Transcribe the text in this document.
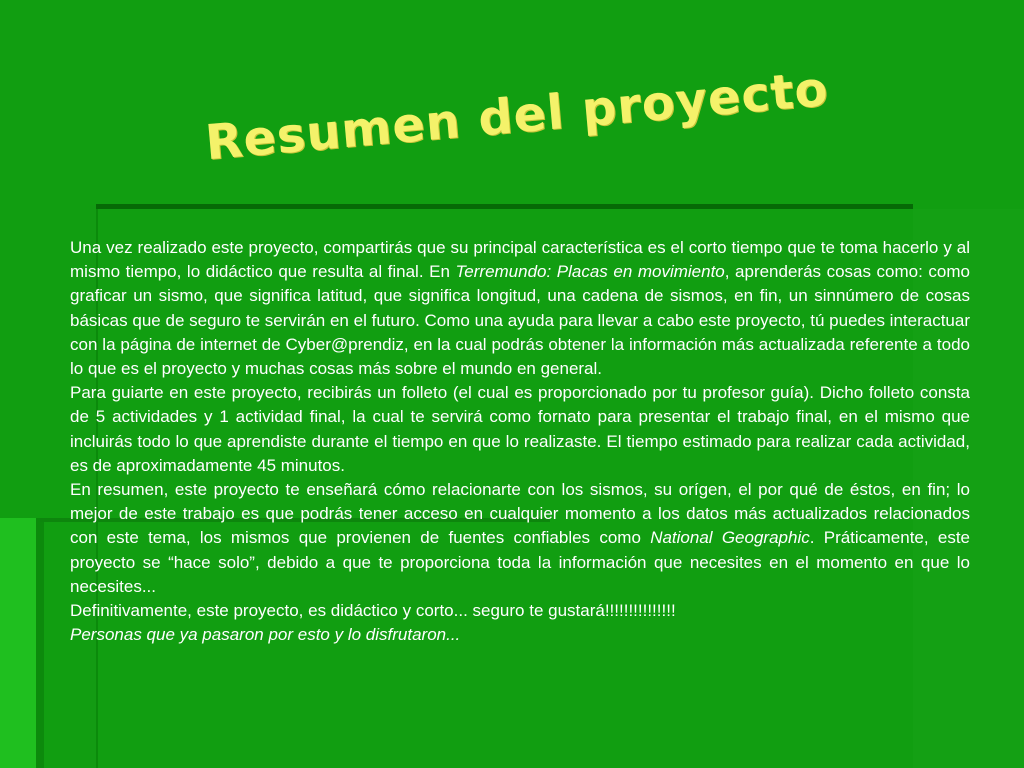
Resumen del proyecto

Una vez realizado este proyecto, compartirás que su principal característica es el corto tiempo que te toma hacerlo y al mismo tiempo, lo didáctico que resulta al final. En Terremundo: Placas en movimiento, aprenderás cosas como: como graficar un sismo, que significa latitud, que significa longitud, una cadena de sismos, en fin, un sinnúmero de cosas básicas que de seguro te servirán en el futuro. Como una ayuda para llevar a cabo este proyecto, tú puedes interactuar con la página de internet de Cyber@prendiz, en la cual podrás obtener la información más actualizada referente a todo lo que es el proyecto y muchas cosas más sobre el mundo en general.

Para guiarte en este proyecto, recibirás un folleto (el cual es proporcionado por tu profesor guía). Dicho folleto consta de 5 actividades y 1 actividad final, la cual te servirá como fornato para presentar el trabajo final, en el mismo que incluirás todo lo que aprendiste durante el tiempo en que lo realizaste. El tiempo estimado para realizar cada actividad, es de aproximadamente 45 minutos.

En resumen, este proyecto te enseñará cómo relacionarte con los sismos, su orígen, el por qué de éstos, en fin; lo mejor de este trabajo es que podrás tener acceso en cualquier momento a los datos más actualizados relacionados con este tema, los mismos que provienen de fuentes confiables como National Geographic. Práticamente, este proyecto se “hace solo”, debido a que te proporciona toda la información que necesites en el momento en que lo necesites...

Definitivamente, este proyecto, es didáctico y corto... seguro te gustará!!!!!!!!!!!!!!!

Personas que ya pasaron por esto y lo disfrutaron...
